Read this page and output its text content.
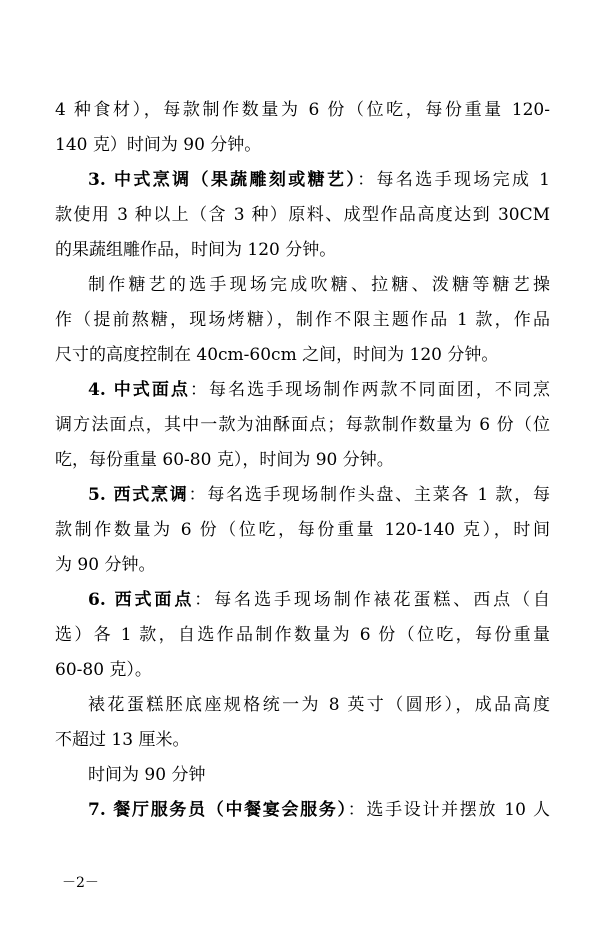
4 种食材），每款制作数量为 6 份（位吃，每份重量 120-
140 克）时间为 90 分钟。
3. 中式烹调（果蔬雕刻或糖艺）：每名选手现场完成 1
款使用 3 种以上（含 3 种）原料、成型作品高度达到 30CM
的果蔬组雕作品，时间为 120 分钟。
制作糖艺的选手现场完成吹糖、拉糖、泼糖等糖艺操
作（提前熬糖，现场烤糖），制作不限主题作品 1 款，作品
尺寸的高度控制在 40cm-60cm 之间，时间为 120 分钟。
4. 中式面点：每名选手现场制作两款不同面团，不同烹
调方法面点，其中一款为油酥面点；每款制作数量为 6 份（位
吃，每份重量 60-80 克），时间为 90 分钟。
5. 西式烹调：每名选手现场制作头盘、主菜各 1 款，每
款制作数量为 6 份（位吃，每份重量 120-140 克），时间
为 90 分钟。
6. 西式面点：每名选手现场制作裱花蛋糕、西点（自
选）各 1 款，自选作品制作数量为 6 份（位吃，每份重量
60-80 克）。
裱花蛋糕胚底座规格统一为 8 英寸（圆形），成品高度
不超过 13 厘米。
时间为 90 分钟
7. 餐厅服务员（中餐宴会服务）：选手设计并摆放 10 人
－2－
